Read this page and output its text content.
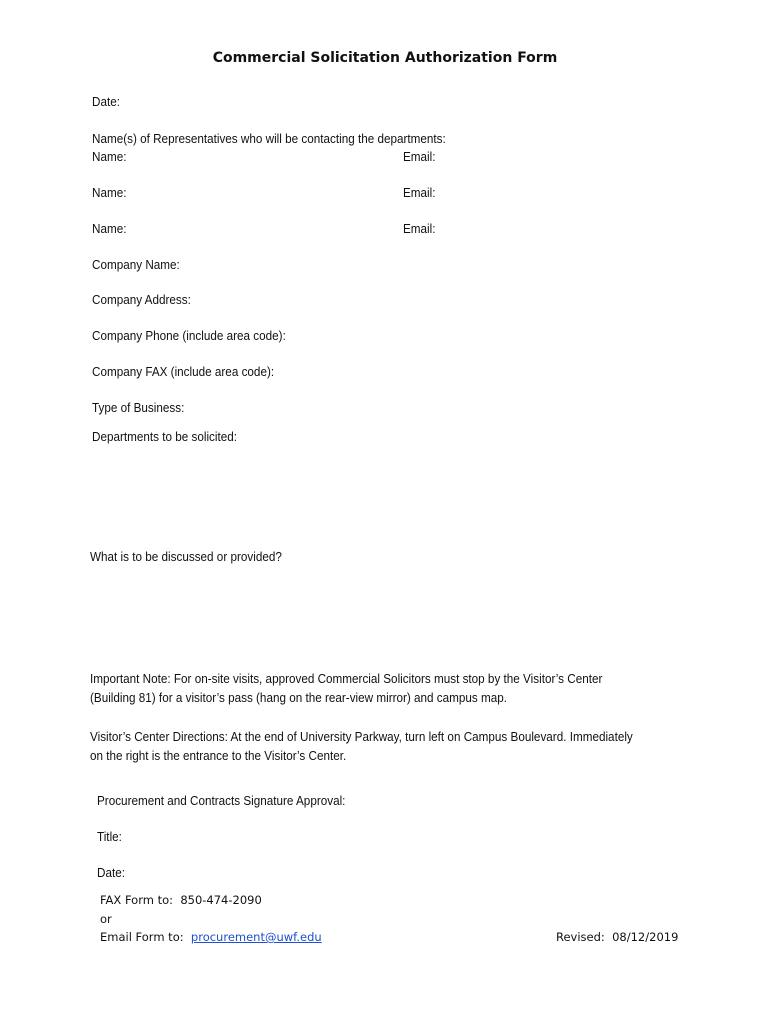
Commercial Solicitation Authorization Form
Date:
Name(s) of Representatives who will be contacting the departments:
Name:	Email:
Name:	Email:
Name:	Email:
Company Name:
Company Address:
Company Phone (include area code):
Company FAX (include area code):
Type of Business:
Departments to be solicited:
What is to be discussed or provided?
Important Note: For on-site visits, approved Commercial Solicitors must stop by the Visitor’s Center
(Building 81) for a visitor’s pass (hang on the rear-view mirror) and campus map.
Visitor’s Center Directions: At the end of University Parkway, turn left on Campus Boulevard. Immediately
on the right is the entrance to the Visitor’s Center.
Procurement and Contracts Signature Approval:
Title:
Date:
FAX Form to: 850-474-2090
or
Email Form to: procurement@uwf.edu	Revised: 08/12/2019
